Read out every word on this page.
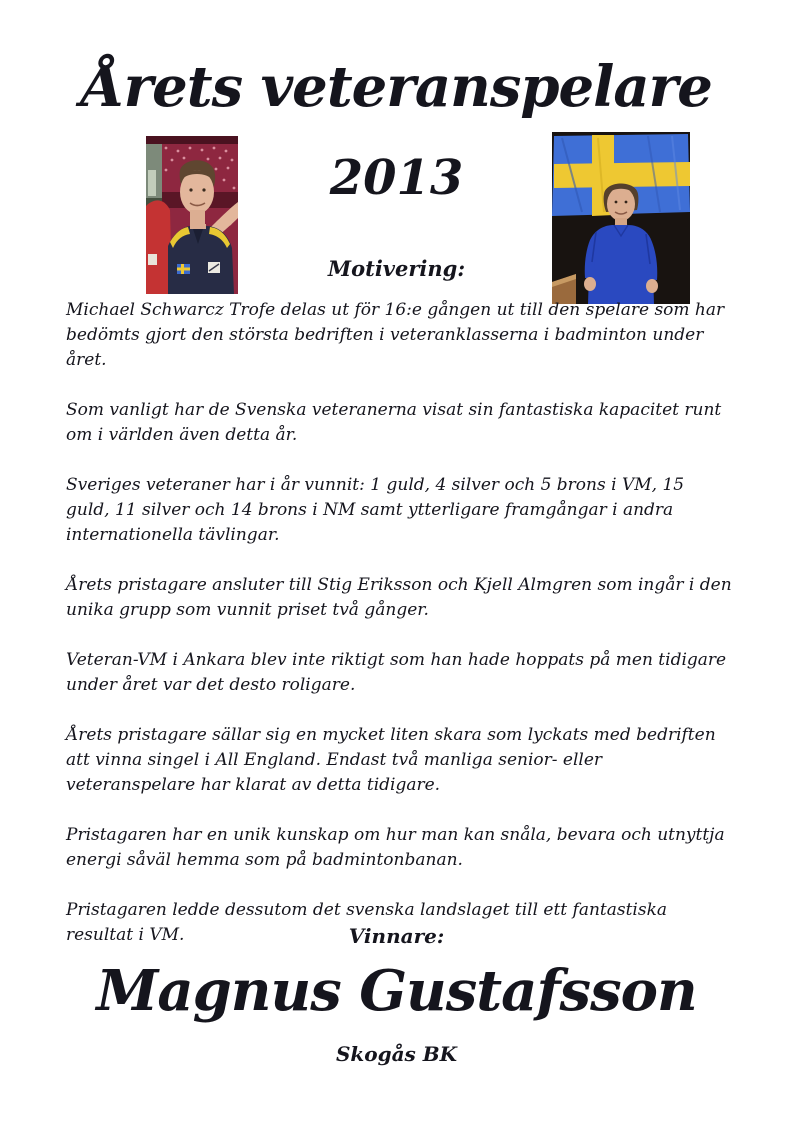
Årets veteranspelare
2013
Motivering:

Michael Schwarcz Trofe delas ut för 16:e gången ut till den spelare som har bedömts gjort den största bedriften i veteranklasserna i badminton under året.

Som vanligt har de Svenska veteranerna visat sin fantastiska kapacitet runt om i världen även detta år.

Sveriges veteraner har i år vunnit: 1 guld, 4 silver och 5 brons i VM, 15 guld, 11 silver och 14 brons i NM samt ytterligare framgångar i andra internationella tävlingar.

Årets pristagare ansluter till Stig Eriksson och Kjell Almgren som ingår i den unika grupp som vunnit priset två gånger.

Veteran-VM i Ankara blev inte riktigt som han hade hoppats på men tidigare under året var det desto roligare.

Årets pristagare sällar sig en mycket liten skara som lyckats med bedriften att vinna singel i All England. Endast två manliga senior- eller veteranspelare har klarat av detta tidigare.

Pristagaren har en unik kunskap om hur man kan snåla, bevara och utnyttja energi såväl hemma som på badmintonbanan.

Pristagaren ledde dessutom det svenska landslaget till ett fantastiska resultat i VM.	Vinnare:
Magnus Gustafsson
Skogås BK
